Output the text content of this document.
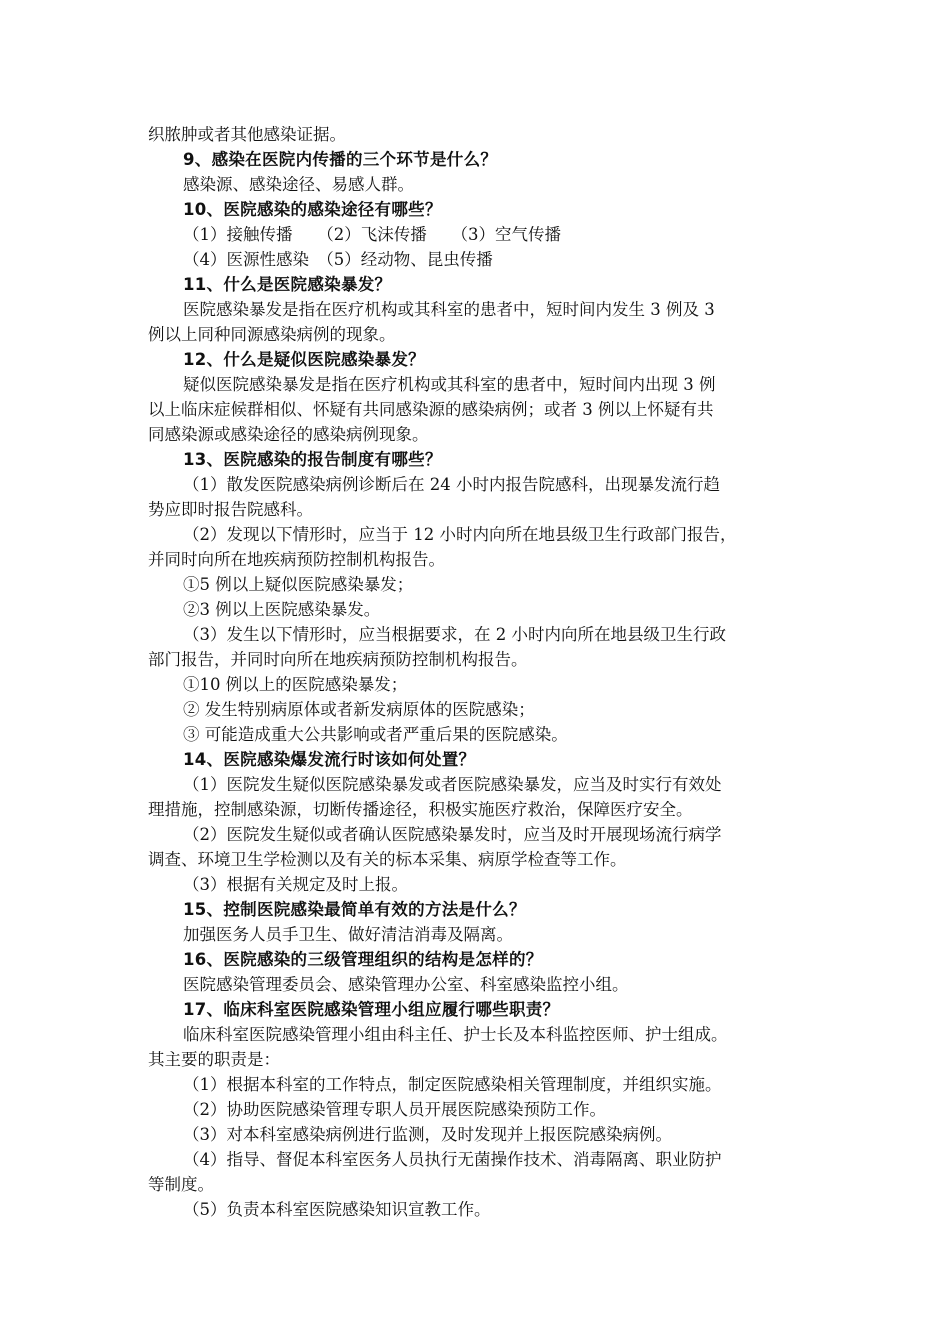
织脓肿或者其他感染证据。

9、感染在医院内传播的三个环节是什么？

感染源、感染途径、易感人群。

10、医院感染的感染途径有哪些？

（1）接触传播　　（2）飞沫传播　　（3）空气传播

（4）医源性感染　（5）经动物、昆虫传播

11、什么是医院感染暴发？

医院感染暴发是指在医疗机构或其科室的患者中，短时间内发生 3 例及 3

例以上同种同源感染病例的现象。

12、什么是疑似医院感染暴发？

疑似医院感染暴发是指在医疗机构或其科室的患者中，短时间内出现 3 例

以上临床症候群相似、怀疑有共同感染源的感染病例；或者 3 例以上怀疑有共

同感染源或感染途径的感染病例现象。

13、医院感染的报告制度有哪些？

（1）散发医院感染病例诊断后在 24 小时内报告院感科，出现暴发流行趋

势应即时报告院感科。

（2）发现以下情形时，应当于 12 小时内向所在地县级卫生行政部门报告，

并同时向所在地疾病预防控制机构报告。

①5 例以上疑似医院感染暴发；

②3 例以上医院感染暴发。

（3）发生以下情形时，应当根据要求，在 2 小时内向所在地县级卫生行政

部门报告，并同时向所在地疾病预防控制机构报告。

①10 例以上的医院感染暴发；

② 发生特别病原体或者新发病原体的医院感染；

③ 可能造成重大公共影响或者严重后果的医院感染。

14、医院感染爆发流行时该如何处置？

（1）医院发生疑似医院感染暴发或者医院感染暴发，应当及时实行有效处

理措施，控制感染源，切断传播途径，积极实施医疗救治，保障医疗安全。

（2）医院发生疑似或者确认医院感染暴发时，应当及时开展现场流行病学

调查、环境卫生学检测以及有关的标本采集、病原学检查等工作。

（3）根据有关规定及时上报。

15、控制医院感染最简单有效的方法是什么？

加强医务人员手卫生、做好清洁消毒及隔离。

16、医院感染的三级管理组织的结构是怎样的？

医院感染管理委员会、感染管理办公室、科室感染监控小组。

17、临床科室医院感染管理小组应履行哪些职责？

临床科室医院感染管理小组由科主任、护士长及本科监控医师、护士组成。

其主要的职责是：

（1）根据本科室的工作特点，制定医院感染相关管理制度，并组织实施。

（2）协助医院感染管理专职人员开展医院感染预防工作。

（3）对本科室感染病例进行监测，及时发现并上报医院感染病例。

（4）指导、督促本科室医务人员执行无菌操作技术、消毒隔离、职业防护

等制度。

（5）负责本科室医院感染知识宣教工作。
